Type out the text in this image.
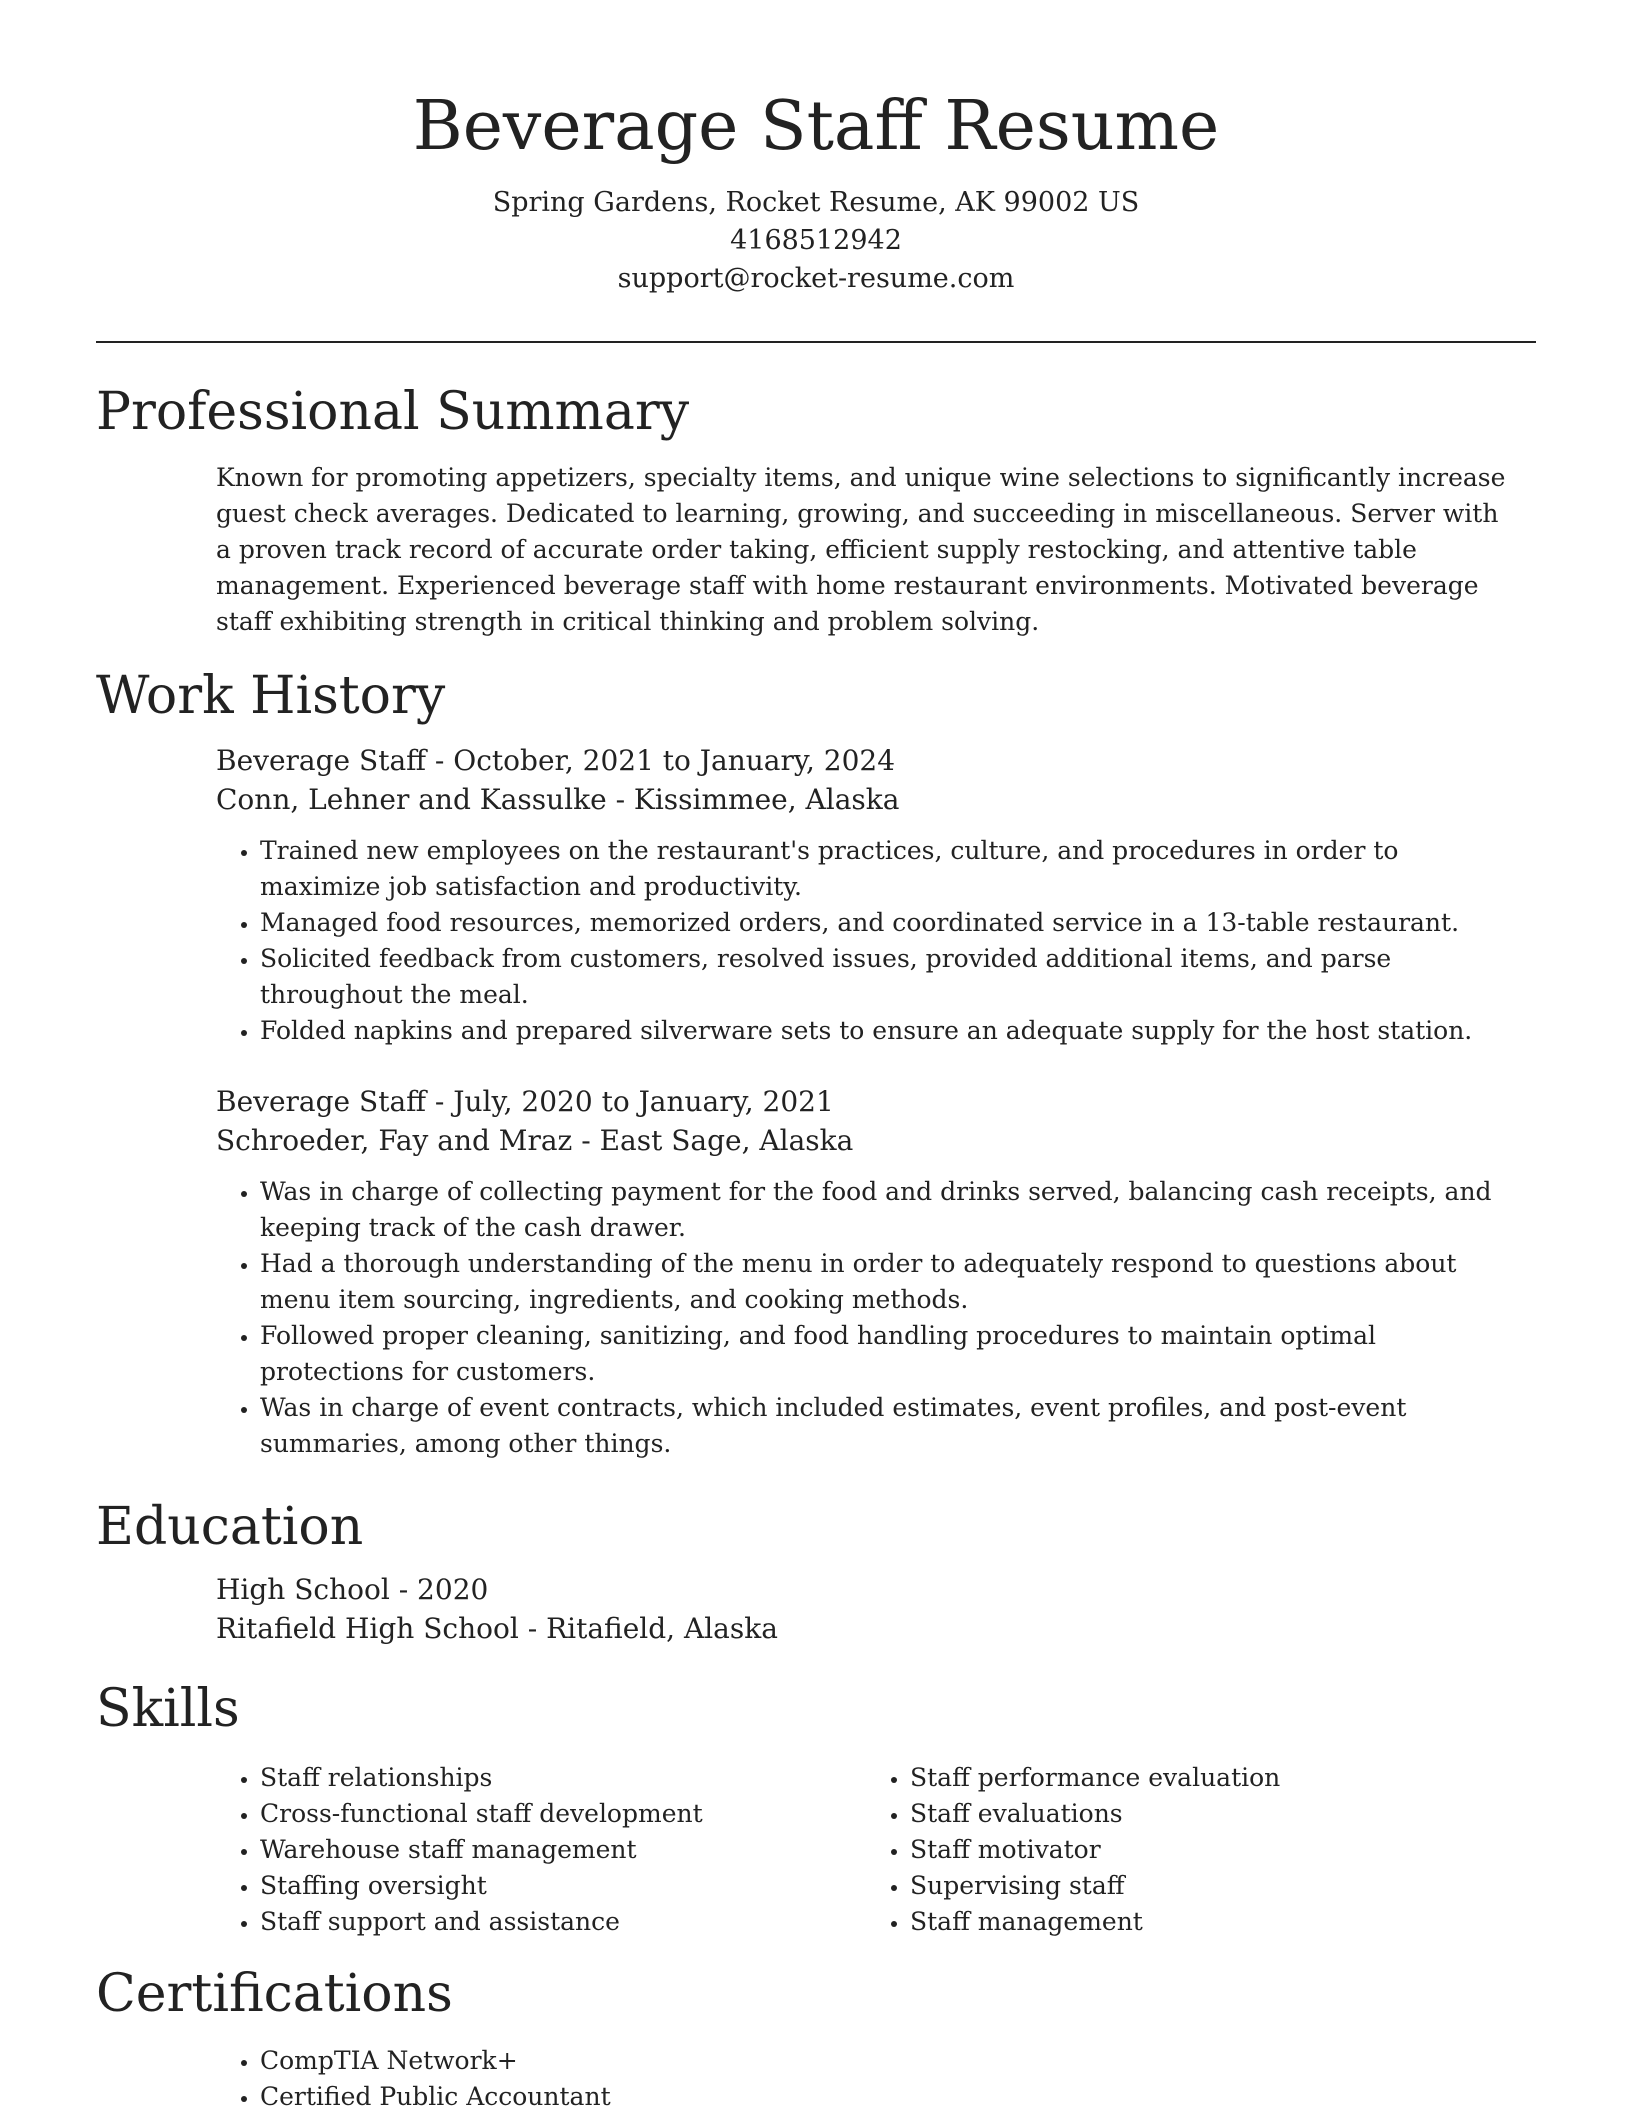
Beverage Staff Resume

Spring Gardens, Rocket Resume, AK 99002 US

4168512942

support@rocket-resume.com

Professional Summary

Known for promoting appetizers, specialty items, and unique wine selections to significantly increase guest check averages. Dedicated to learning, growing, and succeeding in miscellaneous. Server with a proven track record of accurate order taking, efficient supply restocking, and attentive table management. Experienced beverage staff with home restaurant environments. Motivated beverage staff exhibiting strength in critical thinking and problem solving.

Work History

Beverage Staff - October, 2021 to January, 2024

Conn, Lehner and Kassulke - Kissimmee, Alaska

• Trained new employees on the restaurant's practices, culture, and procedures in order to maximize job satisfaction and productivity.
• Managed food resources, memorized orders, and coordinated service in a 13-table restaurant.
• Solicited feedback from customers, resolved issues, provided additional items, and parse throughout the meal.
• Folded napkins and prepared silverware sets to ensure an adequate supply for the host station.

Beverage Staff - July, 2020 to January, 2021

Schroeder, Fay and Mraz - East Sage, Alaska

• Was in charge of collecting payment for the food and drinks served, balancing cash receipts, and keeping track of the cash drawer.
• Had a thorough understanding of the menu in order to adequately respond to questions about menu item sourcing, ingredients, and cooking methods.
• Followed proper cleaning, sanitizing, and food handling procedures to maintain optimal protections for customers.
• Was in charge of event contracts, which included estimates, event profiles, and post-event summaries, among other things.
Education

High School - 2020

Ritafield High School - Ritafield, Alaska

Skills
• Staff relationships
• Cross-functional staff development
• Warehouse staff management
• Staffing oversight
• Staff support and assistance
• Staff performance evaluation
• Staff evaluations
• Staff motivator
• Supervising staff
• Staff management
Certifications
• CompTIA Network+
• Certified Public Accountant
